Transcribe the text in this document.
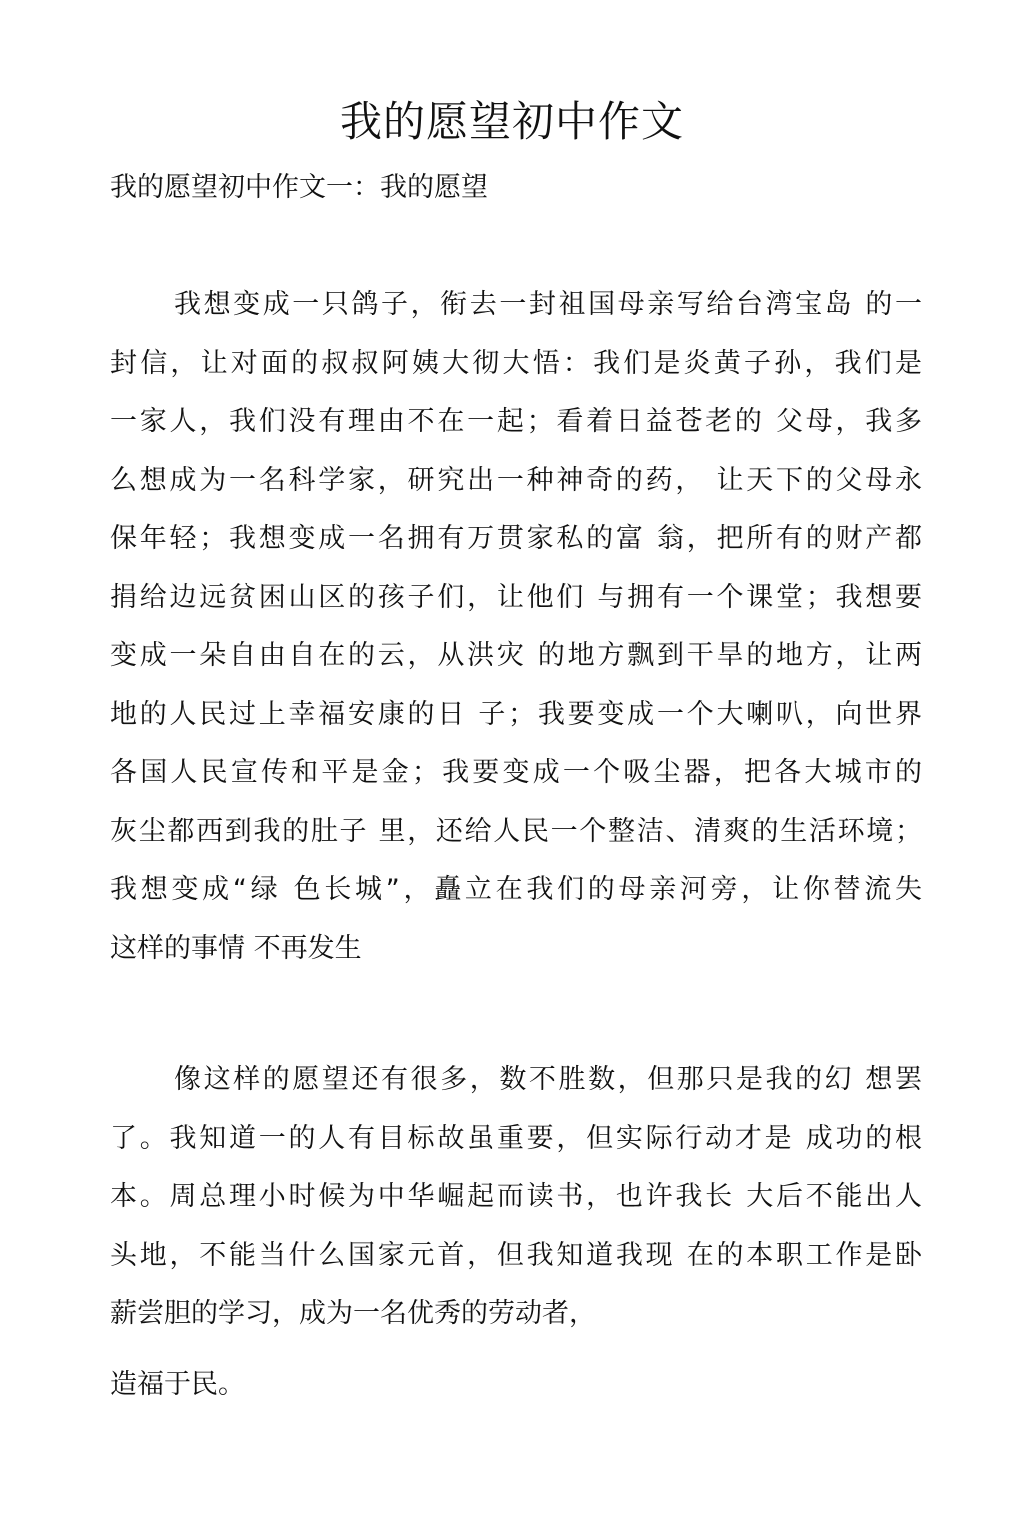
我的愿望初中作文
我的愿望初中作文一：我的愿望
我想变成一只鸽子，衔去一封祖国母亲写给台湾宝岛 的一
封信，让对面的叔叔阿姨大彻大悟：我们是炎黄子孙，我们是
一家人，我们没有理由不在一起；看着日益苍老的 父母，我多
么想成为一名科学家，研究出一种神奇的药， 让天下的父母永
保年轻；我想变成一名拥有万贯家私的富 翁，把所有的财产都
捐给边远贫困山区的孩子们，让他们 与拥有一个课堂；我想要
变成一朵自由自在的云，从洪灾 的地方飘到干旱的地方，让两
地的人民过上幸福安康的日 子；我要变成一个大喇叭，向世界
各国人民宣传和平是金；我要变成一个吸尘器，把各大城市的
灰尘都西到我的肚子 里，还给人民一个整洁、清爽的生活环境；
我想变成“绿 色长城”，矗立在我们的母亲河旁，让你替流失
这样的事情 不再发生
像这样的愿望还有很多，数不胜数，但那只是我的幻 想罢
了。我知道一的人有目标故虽重要，但实际行动才是 成功的根
本。周总理小时候为中华崛起而读书，也许我长 大后不能出人
头地，不能当什么国家元首，但我知道我现 在的本职工作是卧
薪尝胆的学习，成为一名优秀的劳动者，
造福于民。
